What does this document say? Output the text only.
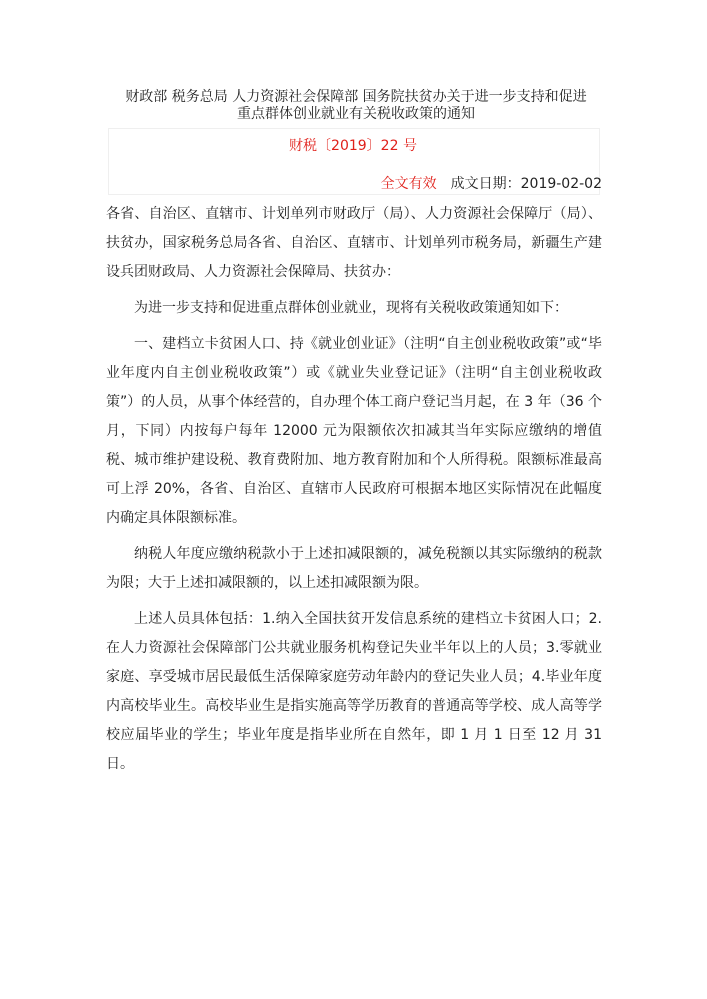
财政部 税务总局 人力资源社会保障部 国务院扶贫办关于进一步支持和促进
重点群体创业就业有关税收政策的通知
财税〔2019〕22 号
全文有效 成文日期：2019-02-02

各省、自治区、直辖市、计划单列市财政厅（局）、人力资源社会保障厅（局）、扶贫办，国家税务总局各省、自治区、直辖市、计划单列市税务局，新疆生产建设兵团财政局、人力资源社会保障局、扶贫办：

为进一步支持和促进重点群体创业就业，现将有关税收政策通知如下：

一、建档立卡贫困人口、持《就业创业证》（注明“自主创业税收政策”或“毕业年度内自主创业税收政策”）或《就业失业登记证》（注明“自主创业税收政策”）的人员，从事个体经营的，自办理个体工商户登记当月起，在 3 年（36 个月，下同）内按每户每年 12000 元为限额依次扣减其当年实际应缴纳的增值税、城市维护建设税、教育费附加、地方教育附加和个人所得税。限额标准最高可上浮 20%，各省、自治区、直辖市人民政府可根据本地区实际情况在此幅度内确定具体限额标准。

纳税人年度应缴纳税款小于上述扣减限额的，减免税额以其实际缴纳的税款为限；大于上述扣减限额的，以上述扣减限额为限。

上述人员具体包括：1.纳入全国扶贫开发信息系统的建档立卡贫困人口；2.在人力资源社会保障部门公共就业服务机构登记失业半年以上的人员；3.零就业家庭、享受城市居民最低生活保障家庭劳动年龄内的登记失业人员；4.毕业年度内高校毕业生。高校毕业生是指实施高等学历教育的普通高等学校、成人高等学校应届毕业的学生；毕业年度是指毕业所在自然年，即 1 月 1 日至 12 月 31 日。
